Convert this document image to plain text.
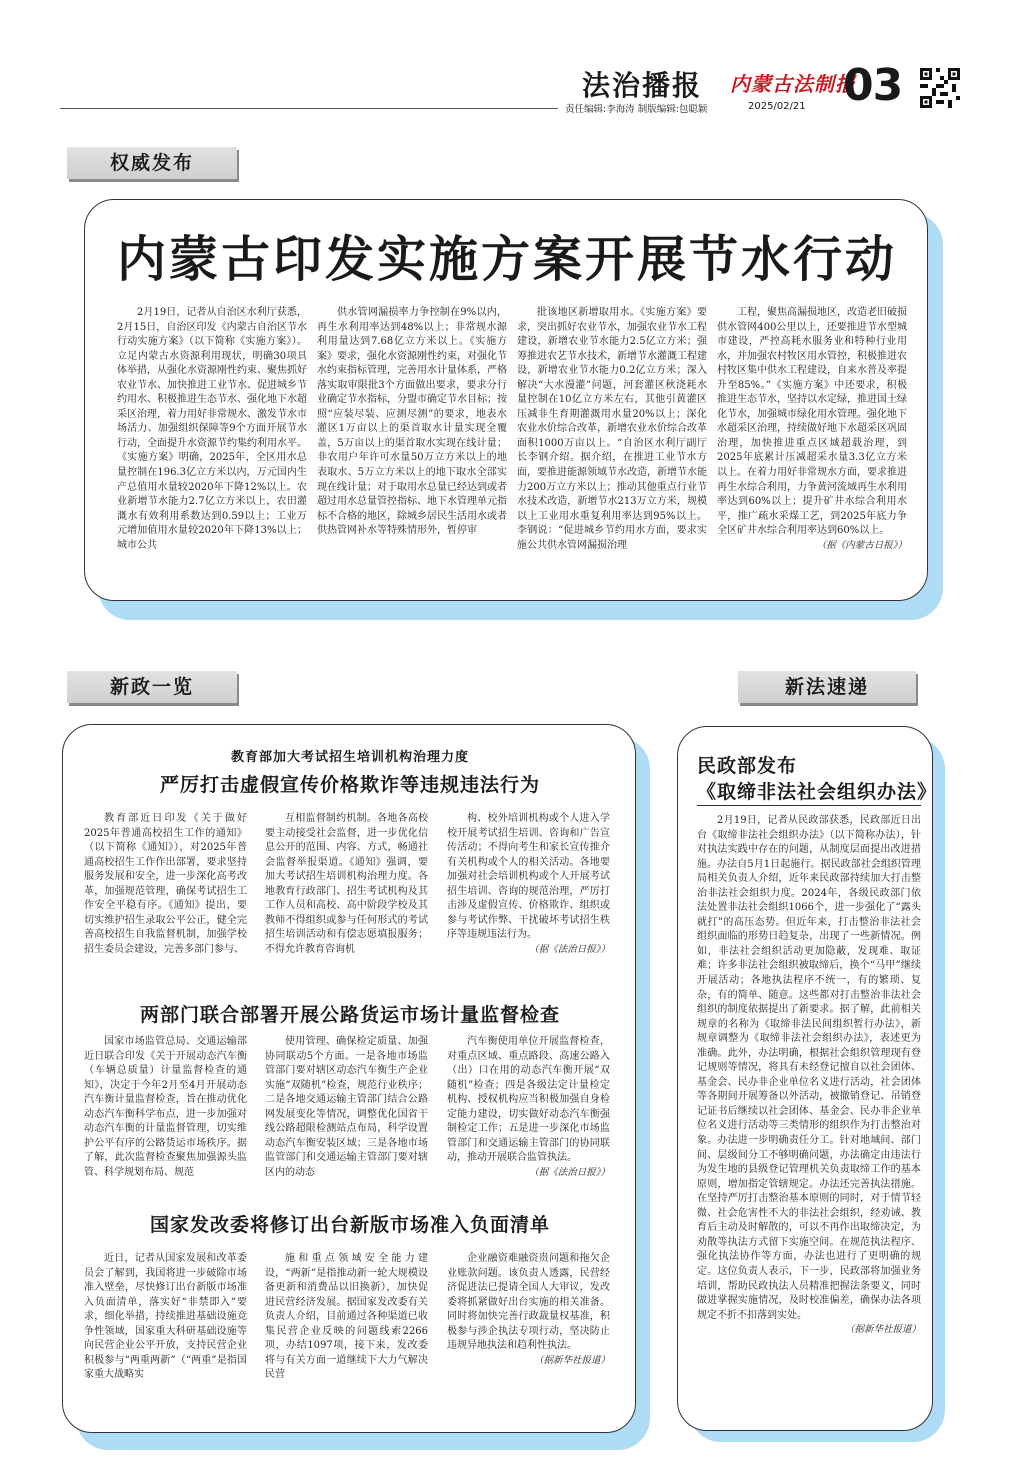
法治播报 内蒙古法制报
03
责任编辑:李海涛 制版编辑:包聪颖	2025/02/21
权威发布
内蒙古印发实施方案开展节水行动

2月19日，记者从自治区水利厅获悉，2月15日，自治区印发《内蒙古自治区节水行动实施方案》（以下简称《实施方案》）。立足内蒙古水资源利用现状，明确30项具体举措，从强化水资源刚性约束、聚焦抓好农业节水、加快推进工业节水、促进城乡节约用水、积极推进生态节水、强化地下水超采区治理，着力用好非常规水、激发节水市场活力、加强组织保障等9个方面开展节水行动，全面提升水资源节约集约利用水平。《实施方案》明确，2025年，全区用水总量控制在196.3亿立方米以内，万元国内生产总值用水量较2020年下降12%以上。农业新增节水能力2.7亿立方米以上，农田灌溉水有效利用系数达到0.59以上；工业万元增加值用水量较2020年下降13%以上；城市公共

供水管网漏损率力争控制在9%以内，再生水利用率达到48%以上；非常规水源利用量达到7.68亿立方米以上。《实施方案》要求，强化水资源刚性约束，对强化节水约束指标管理，完善用水计量体系，严格落实取审限批3个方面做出要求，要求分行业确定节水指标，分盟市确定节水目标；按照“应装尽装、应测尽测”的要求，地表水灌区1万亩以上的渠首取水计量实现全覆盖，5万亩以上的渠首取水实现在线计量；非农用户年许可水量50万立方米以上的地表取水、5万立方米以上的地下取水全部实现在线计量；对于取用水总量已经达到或者超过用水总量管控指标、地下水管理单元指标不合格的地区，除城乡居民生活用水或者供热管网补水等特殊情形外，暂停审

批该地区新增取用水。《实施方案》要求，突出抓好农业节水，加强农业节水工程建设，新增农业节水能力2.5亿立方米；强筹推进农艺节水技术，新增节水灌溉工程建设，新增农业节水能力0.2亿立方米；深入解决“大水漫灌”问题，河套灌区秋浇耗水量控制在10亿立方米左右，其他引黄灌区压减非生育期灌溉用水量20%以上；深化农业水价综合改革，新增农业水价综合改革面积1000万亩以上。“自治区水利厅副厅长李钢介绍。据介绍，在推进工业节水方面，要推进能源领域节水改造，新增节水能力200万立方米以上；推动其他重点行业节水技术改造，新增节水213万立方米，规模以上工业用水重复利用率达到95%以上。李钢说：“促进城乡节约用水方面，要求实施公共供水管网漏损治理

工程，聚焦高漏损地区，改造老旧破损供水管网400公里以上，还要推进节水型城市建设，严控高耗水服务业和特种行业用水，并加强农村牧区用水管控，积极推进农村牧区集中供水工程建设，自来水普及率提升至85%。”《实施方案》中还要求，积极推进生态节水，坚持以水定绿，推进国土绿化节水，加强城市绿化用水管理。强化地下水超采区治理，持续做好地下水超采区巩固治理，加快推进重点区域超载治理，到2025年底累计压减超采水量3.3亿立方米以上。在着力用好非常规水方面，要求推进再生水综合利用，力争黄河流域再生水利用率达到60%以上；提升矿井水综合利用水平，推广疏水采煤工艺，到2025年底力争全区矿井水综合利用率达到60%以上。

（据《内蒙古日报》）
新政一览
教育部加大考试招生培训机构治理力度
严厉打击虚假宣传价格欺诈等违规违法行为

教育部近日印发《关于做好2025年普通高校招生工作的通知》（以下简称《通知》），对2025年普通高校招生工作作出部署，要求坚持服务发展和安全，进一步深化高考改革，加强规范管理，确保考试招生工作安全平稳有序。《通知》提出，要切实维护招生录取公平公正，健全完善高校招生自我监督机制，加强学校招生委员会建设，完善多部门参与、

互相监督制约机制。各地各高校要主动接受社会监督，进一步优化信息公开的范围、内容、方式，畅通社会监督举报渠道。《通知》强调，要加大考试招生培训机构治理力度。各地教育行政部门、招生考试机构及其工作人员和高校、高中阶段学校及其教师不得组织或参与任何形式的考试招生培训活动和有偿志愿填报服务；不得允许教育咨询机

构、校外培训机构或个人进入学校开展考试招生培训、咨询和广告宣传活动；不得向考生和家长宣传推介有关机构或个人的相关活动。各地要加强对社会培训机构或个人开展考试招生培训、咨询的规范治理，严厉打击涉及虚假宣传、价格欺诈、组织或参与考试作弊、干扰破坏考试招生秩序等违规违法行为。

（据《法治日报》）
两部门联合部署开展公路货运市场计量监督检查

国家市场监管总局、交通运输部近日联合印发《关于开展动态汽车衡（车辆总质量）计量监督检查的通知》，决定于今年2月至4月开展动态汽车衡计量监督检查，旨在推动优化动态汽车衡科学布点，进一步加强对动态汽车衡的计量监督管理，切实维护公平有序的公路货运市场秩序。据了解，此次监督检查聚焦加强源头监管、科学规划布局、规范

使用管理、确保检定质量、加强协同联动5个方面。一是各地市场监管部门要对辖区动态汽车衡生产企业实施“双随机”检查，规范行业秩序；二是各地交通运输主管部门结合公路网发展变化等情况，调整优化国省干线公路超限检测站点布局，科学设置动态汽车衡安装区域；三是各地市场监管部门和交通运输主管部门要对辖区内的动态

汽车衡使用单位开展监督检查，对重点区域、重点路段、高速公路入（出）口在用的动态汽车衡开展“双随机”检查；四是各级法定计量检定机构、授权机构应当积极加强自身检定能力建设，切实做好动态汽车衡强制检定工作；五是进一步深化市场监管部门和交通运输主管部门的协同联动，推动开展联合监管执法。

（据《法治日报》）
国家发改委将修订出台新版市场准入负面清单

近日，记者从国家发展和改革委员会了解到，我国将进一步破除市场准入壁垒，尽快修订出台新版市场准入负面清单，落实好“非禁即入”要求，细化举措，持续推进基础设施竞争性领域，国家重大科研基础设施等向民营企业公平开放，支持民营企业积极参与“两重两新”（“两重”是指国家重大战略实

施和重点领域安全能力建设，“两新”是指推动新一轮大规模设备更新和消费品以旧换新），加快促进民营经济发展。据国家发改委有关负责人介绍，目前通过各种渠道已收集民营企业反映的问题线索2266项，办结1097项，接下来，发改委将与有关方面一道继续下大力气解决民营

企业融资难融资贵问题和拖欠企业账款问题。该负责人透露，民营经济促进法已提请全国人大审议，发改委将抓紧做好出台实施的相关准备。同时将加快完善行政裁量权基准，积极参与涉企执法专项行动，坚决防止违规异地执法和趋利性执法。

（据新华社报道）
新法速递
民政部发布
《取缔非法社会组织办法》

2月19日，记者从民政部获悉，民政部近日出台《取缔非法社会组织办法》（以下简称办法），针对执法实践中存在的问题，从制度层面提出改进措施。办法自5月1日起施行。据民政部社会组织管理局相关负责人介绍，近年来民政部持续加大打击整治非法社会组织力度。2024年，各级民政部门依法处置非法社会组织1066个，进一步强化了“露头就打”的高压态势。但近年来，打击整治非法社会组织面临的形势日趋复杂，出现了一些新情况。例如，非法社会组织活动更加隐蔽，发现难、取证难；许多非法社会组织被取缔后，换个“马甲”继续开展活动；各地执法程序不统一，有的繁琐、复杂，有的简单、随意。这些都对打击整治非法社会组织的制度依据提出了新要求。据了解，此前相关规章的名称为《取缔非法民间组织暂行办法》，新规章调整为《取缔非法社会组织办法》，表述更为准确。此外，办法明确，根据社会组织管理现有登记规则等情况，将具有未经登记擅自以社会团体、基金会、民办非企业单位名义进行活动，社会团体等各期间开展筹备以外活动，被撤销登记、吊销登记证书后继续以社会团体、基金会、民办非企业单位名义进行活动等三类情形的组织作为打击整治对象。办法进一步明确责任分工。针对地域间、部门间、层级间分工不够明确问题，办法确定由违法行为发生地的县级登记管理机关负责取缔工作的基本原则，增加指定管辖规定。办法还完善执法措施。在坚持严厉打击整治基本原则的同时，对于情节轻微、社会危害性不大的非法社会组织，经劝诫、教育后主动及时解散的，可以不再作出取缔决定，为劝散等执法方式留下实施空间。在规范执法程序、强化执法协作等方面，办法也进行了更明确的规定。这位负责人表示，下一步，民政部将加强业务培训，帮助民政执法人员精准把握法条要义，同时做进掌握实施情况，及时校准偏差，确保办法各项规定不折不扣落到实处。

（据新华社报道）
